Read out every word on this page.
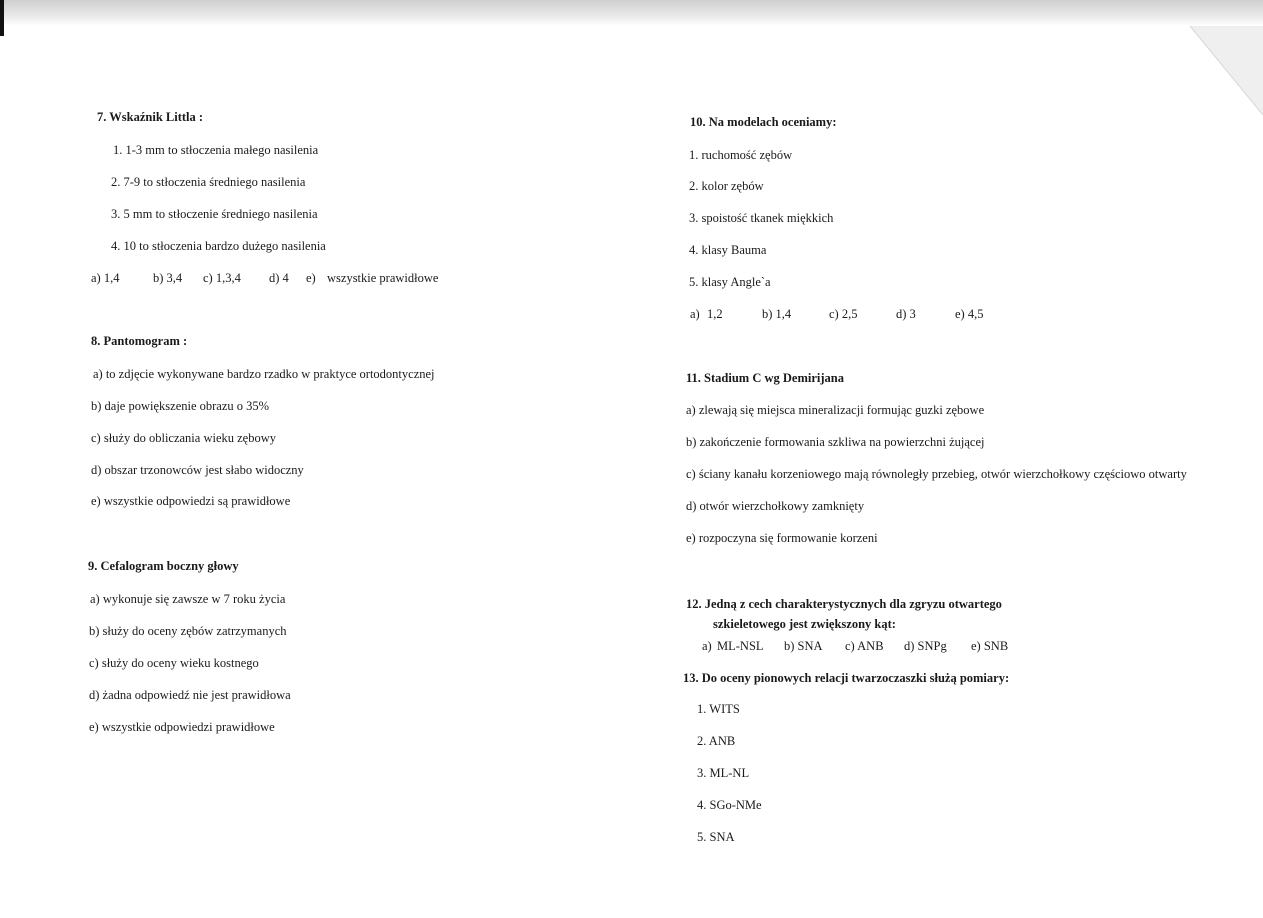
7. Wskaźnik Littla :
1. 1-3 mm to stłoczenia małego nasilenia
2. 7-9 to stłoczenia średniego nasilenia
3. 5 mm to stłoczenie średniego nasilenia
4. 10 to stłoczenia bardzo dużego nasilenia
a) 1,4	b) 3,4 c) 1,3,4 d) 4 e) wszystkie prawidłowe
8. Pantomogram :
a) to zdjęcie wykonywane bardzo rzadko w praktyce ortodontycznej
b) daje powiększenie obrazu o 35%
c) służy do obliczania wieku zębowy
d) obszar trzonowców jest słabo widoczny
e) wszystkie odpowiedzi są prawidłowe
9. Cefalogram boczny głowy
a) wykonuje się zawsze w 7 roku życia
b) służy do oceny zębów zatrzymanych
c) służy do oceny wieku kostnego
d) żadna odpowiedź nie jest prawidłowa
e) wszystkie odpowiedzi prawidłowe
10. Na modelach oceniamy:
1. ruchomość zębów
2. kolor zębów
3. spoistość tkanek miękkich
4. klasy Bauma
5. klasy Angle`a
a) 1,2	b) 1,4	c) 2,5	d) 3	e) 4,5
11. Stadium C wg Demirijana
a) zlewają się miejsca mineralizacji formując guzki zębowe
b) zakończenie formowania szkliwa na powierzchni żującej
c) ściany kanału korzeniowego mają równoległy przebieg, otwór wierzchołkowy częściowo otwarty
d) otwór wierzchołkowy zamknięty
e) rozpoczyna się formowanie korzeni
12. Jedną z cech charakterystycznych dla zgryzu otwartego
szkieletowego jest zwiększony kąt:
a) ML-NSL b) SNA c) ANB d) SNPg e) SNB
13. Do oceny pionowych relacji twarzoczaszki służą pomiary:
1. WITS
2. ANB
3. ML-NL
4. SGo-NMe
5. SNA
